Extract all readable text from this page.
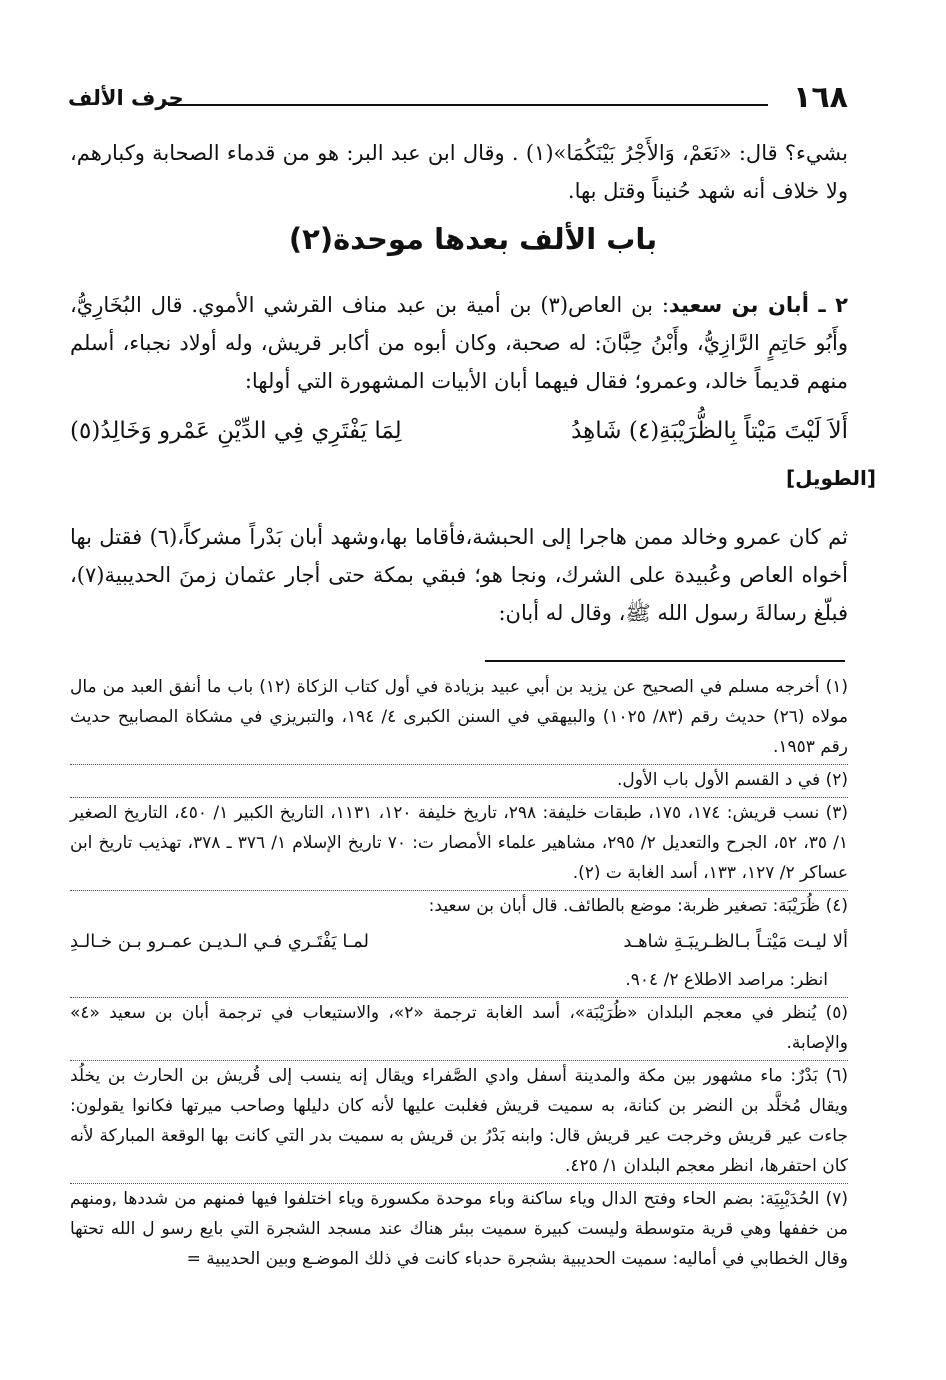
١٦٨
حرف الألف

بشيء؟ قال: «نَعَمْ، وَالأَجْرُ بَيْنَكُمَا»(١) . وقال ابن عبد البر: هو من قدماء الصحابة وكبارهم، ولا خلاف أنه شهد حُنيناً وقتل بها.

باب الألف بعدها موحدة(٢)

٢ ـ أبان بن سعيد: بن العاص(٣) بن أمية بن عبد مناف القرشي الأموي. قال البُخَارِيُّ، وأَبُو حَاتِمٍ الرَّازِيُّ، وأَبْنُ حِبَّانَ: له صحبة، وكان أبوه من أكابر قريش، وله أولاد نجباء، أسلم منهم قديماً خالد، وعمرو؛ فقال فيهما أبان الأبيات المشهورة التي أولها:

أَلاَ لَيْتَ مَيْتاً بِالظُّرَيْبَةِ(٤) شَاهِدُ
لِمَا يَفْتَرِي فِي الدِّيْنِ عَمْرو وَخَالِدُ(٥)
[الطويل]

ثم كان عمرو وخالد ممن هاجرا إلى الحبشة،فأقاما بها،وشهد أبان بَدْراً مشركاً،(٦) فقتل بها أخواه العاص وعُبيدة على الشرك، ونجا هو؛ فبقي بمكة حتى أجار عثمان زمنَ الحديبية(٧)، فبلّغ رسالةَ رسول الله ﷺ، وقال له أبان:

(١) أخرجه مسلم في الصحيح عن يزيد بن أبي عبيد بزيادة في أول كتاب الزكاة (١٢) باب ما أنفق العبد من مال مولاه (٢٦) حديث رقم (٨٣/ ١٠٢٥) والبيهقي في السنن الكبرى ٤/ ١٩٤، والتبريزي في مشكاة المصابيح حديث رقم ١٩٥٣.

(٢) في د القسم الأول باب الأول.

(٣) نسب قريش: ١٧٤، ١٧٥، طبقات خليفة: ٢٩٨، تاريخ خليفة ١٢٠، ١١٣١، التاريخ الكبير ١/ ٤٥٠، التاريخ الصغير ١/ ٣٥، ٥٢، الجرح والتعديل ٢/ ٢٩٥، مشاهير علماء الأمصار ت: ٧٠ تاريخ الإسلام ١/ ٣٧٦ ـ ٣٧٨، تهذيب تاريخ ابن عساكر ٢/ ١٢٧، ١٣٣، أسد الغابة ت (٢).

(٤) ظُرَيْبَة: تصغير ظربة: موضع بالطائف. قال أبان بن سعيد:

ألا ليـت مَيْتـاً بـالظـريبَـةِ شاهـد
لمـا يَفْتَـري فـي الـديـن عمـرو بـن خـالـدِ

انظر: مراصد الاطلاع ٢/ ٩٠٤.

(٥) يُنظر في معجم البلدان «ظُرَيْبَة»، أسد الغابة ترجمة «٢»، والاستيعاب في ترجمة أبان بن سعيد «٤» والإصابة.

(٦) بَدْرٌ: ماء مشهور بين مكة والمدينة أسفل وادي الصَّفراء ويقال إنه ينسب إلى قُريش بن الحارث بن يخلُد ويقال مُخلَّد بن النضر بن كنانة، به سميت قريش فغلبت عليها لأنه كان دليلها وصاحب ميرتها فكانوا يقولون: جاءت عير قريش وخرجت عير قريش قال: وابنه بَدْرُ بن قريش به سميت بدر التي كانت بها الوقعة المباركة لأنه كان احتفرها، انظر معجم البلدان ١/ ٤٢٥.

(٧) الحُدَيْبِيَة: بضم الحاء وفتح الدال وياء ساكنة وباء موحدة مكسورة وياء اختلفوا فيها فمنهم من شددها ,ومنهم من خففها وهي قرية متوسطة وليست كبيرة سميت ببئر هناك عند مسجد الشجرة التي بايع رسو ل الله تحتها وقال الخطابي في أماليه: سميت الحديبية بشجرة حدباء كانت في ذلك الموضـع وبين الحديبية =
